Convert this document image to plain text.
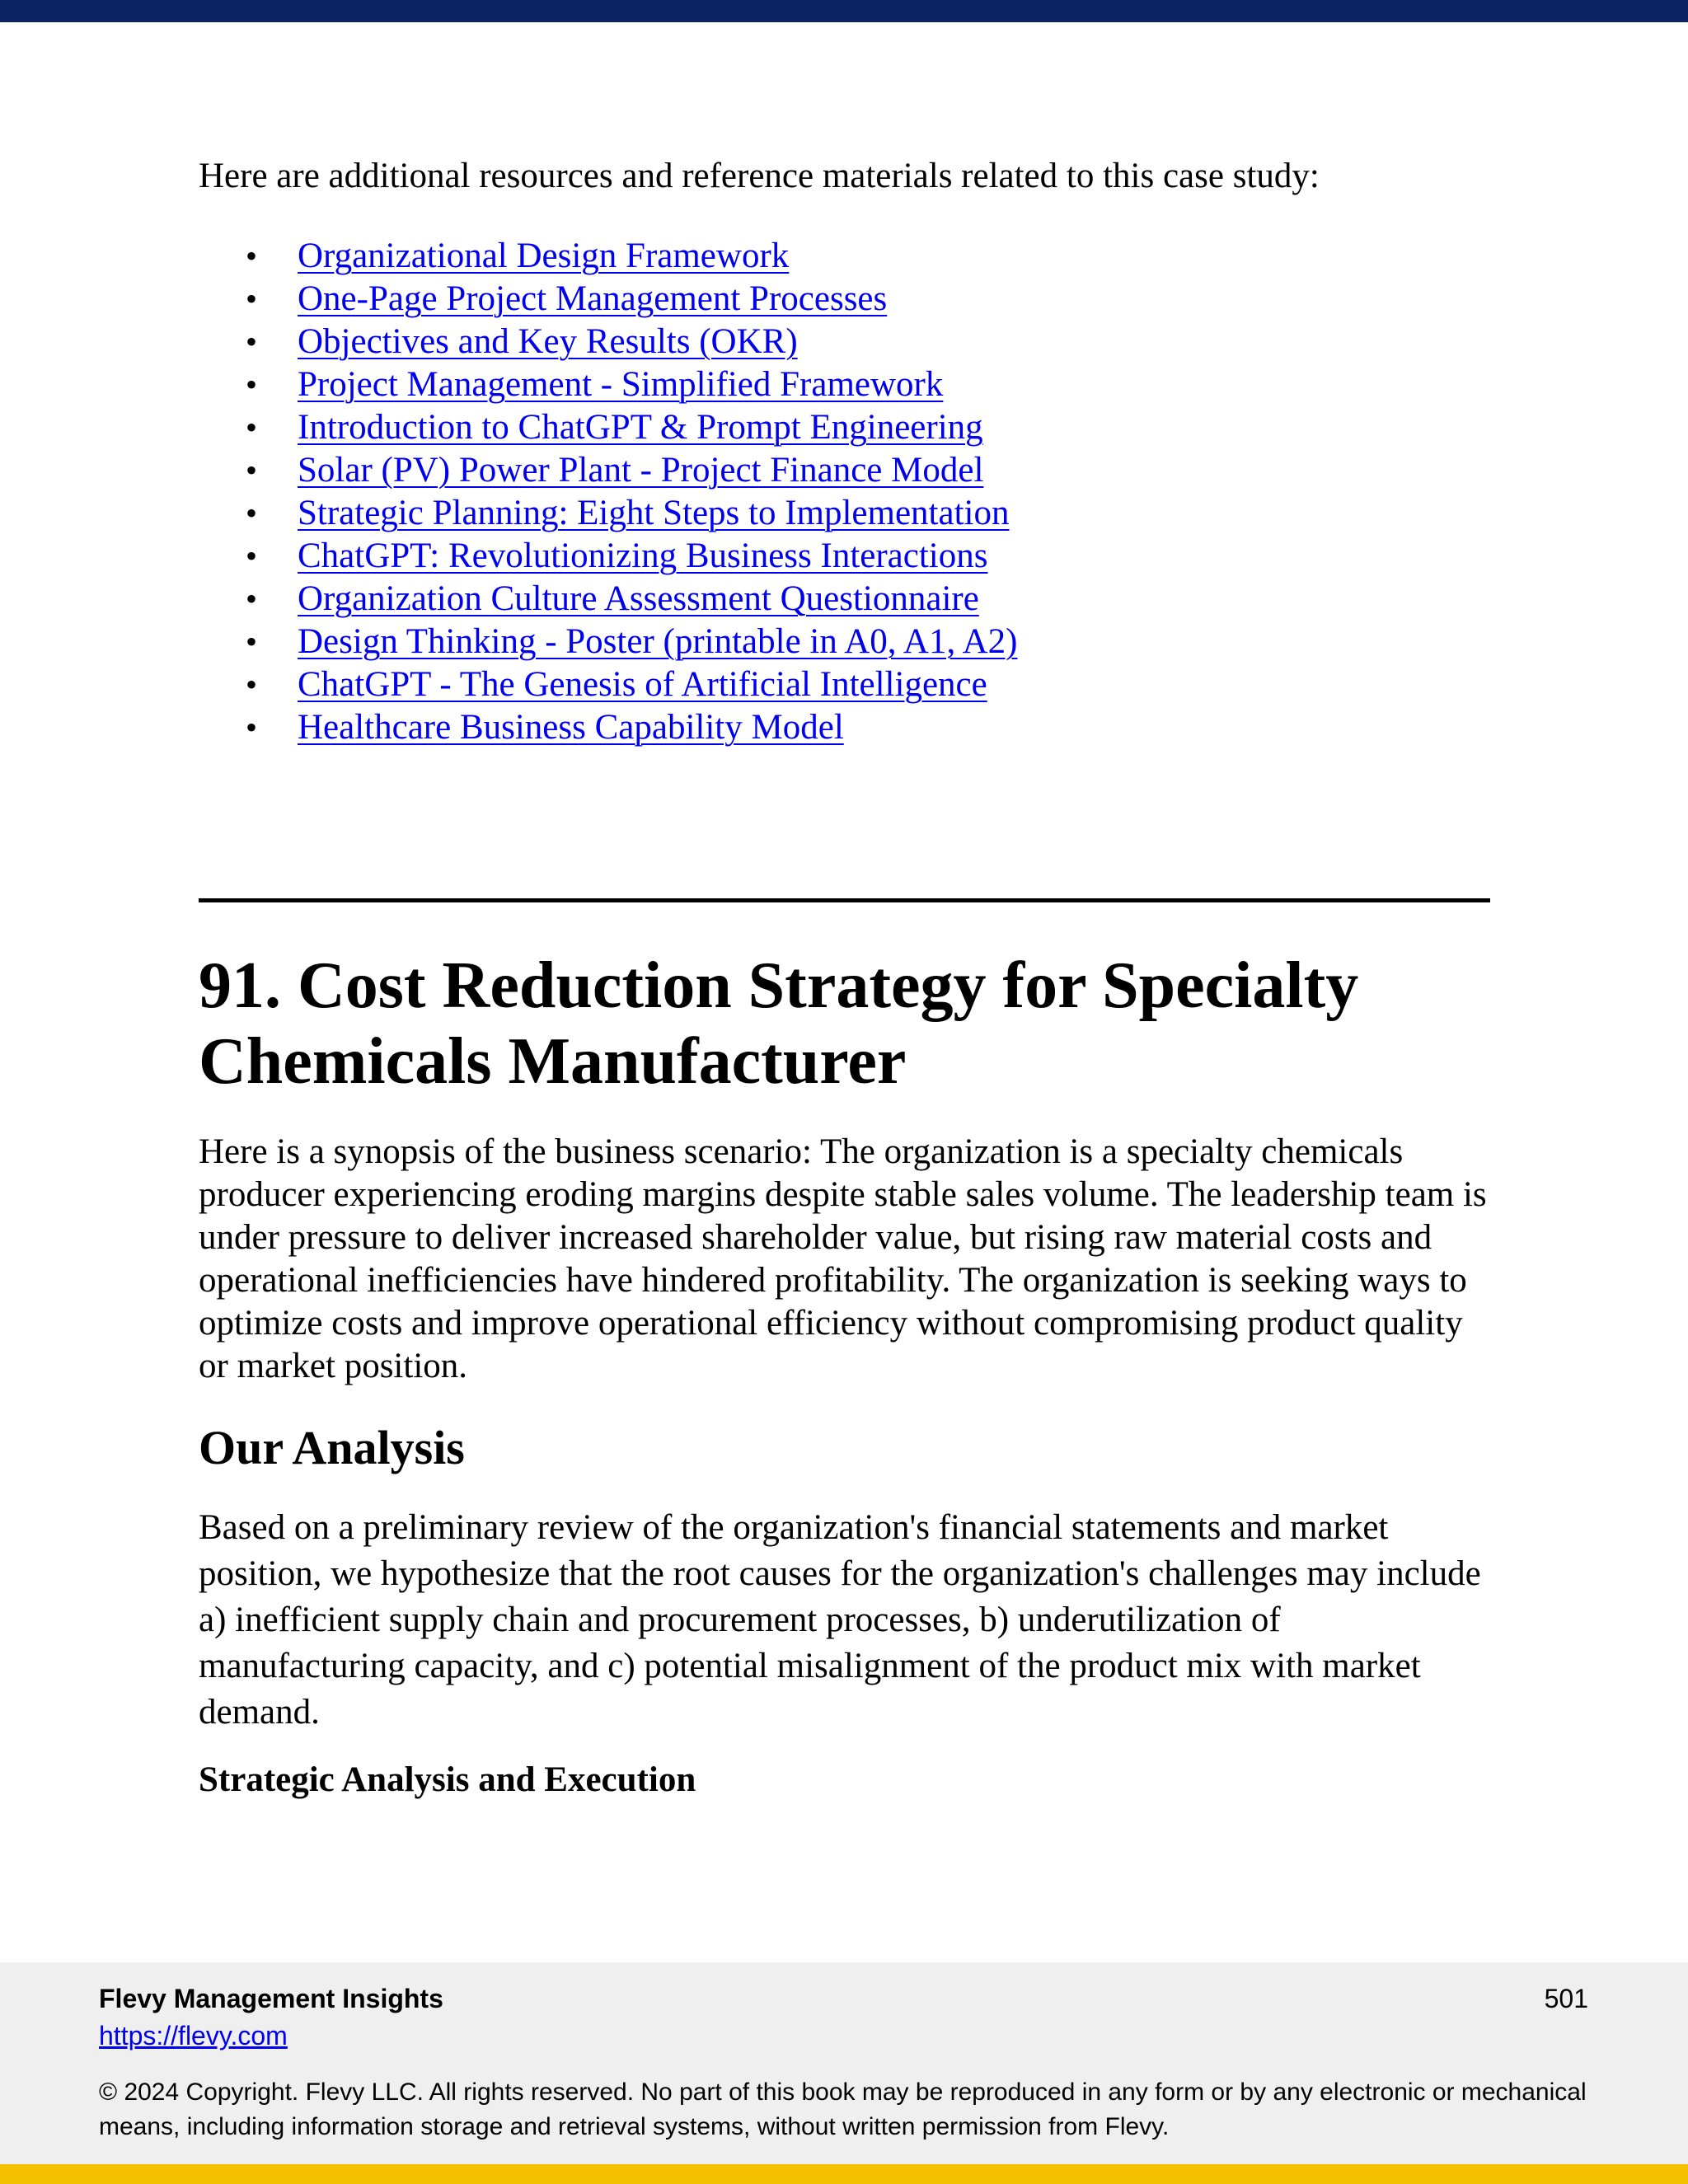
Here are additional resources and reference materials related to this case study:

• Organizational Design Framework
• One-Page Project Management Processes
• Objectives and Key Results (OKR)
• Project Management - Simplified Framework
• Introduction to ChatGPT & Prompt Engineering
• Solar (PV) Power Plant - Project Finance Model
• Strategic Planning: Eight Steps to Implementation
• ChatGPT: Revolutionizing Business Interactions
• Organization Culture Assessment Questionnaire
• Design Thinking - Poster (printable in A0, A1, A2)
• ChatGPT - The Genesis of Artificial Intelligence
• Healthcare Business Capability Model
91. Cost Reduction Strategy for Specialty Chemicals Manufacturer

Here is a synopsis of the business scenario: The organization is a specialty chemicals producer experiencing eroding margins despite stable sales volume. The leadership team is under pressure to deliver increased shareholder value, but rising raw material costs and operational inefficiencies have hindered profitability. The organization is seeking ways to optimize costs and improve operational efficiency without compromising product quality or market position.

Our Analysis

Based on a preliminary review of the organization's financial statements and market position, we hypothesize that the root causes for the organization's challenges may include a) inefficient supply chain and procurement processes, b) underutilization of manufacturing capacity, and c) potential misalignment of the product mix with market demand.

Strategic Analysis and Execution

Flevy Management Insights

https://flevy.com

501

© 2024 Copyright. Flevy LLC. All rights reserved. No part of this book may be reproduced in any form or by any electronic or mechanical means, including information storage and retrieval systems, without written permission from Flevy.
